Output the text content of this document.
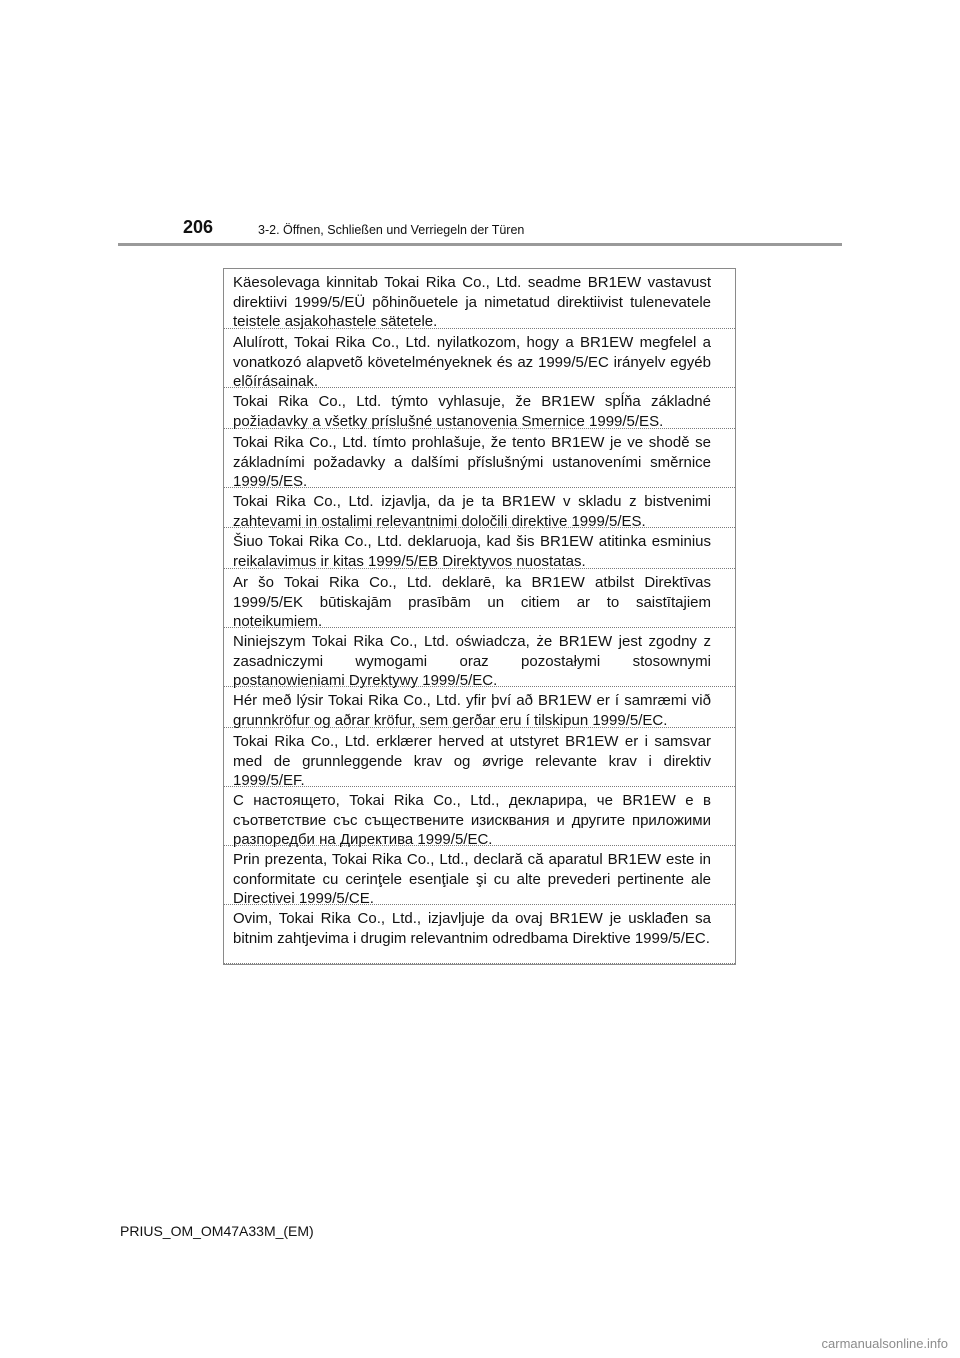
206	3-2. Öffnen, Schließen und Verriegeln der Türen
Käesolevaga kinnitab Tokai Rika Co., Ltd. seadme BR1EW vastavust direktiivi 1999/5/EÜ põhinõuetele ja nimetatud direktiivist tulenevatele teistele asjakohastele sätetele.
Alulírott, Tokai Rika Co., Ltd. nyilatkozom, hogy a BR1EW megfelel a vonatkozó alapvetõ követelményeknek és az 1999/5/EC irányelv egyéb elõírásainak.
Tokai Rika Co., Ltd. týmto vyhlasuje, že BR1EW spĺňa základné požiadavky a všetky príslušné ustanovenia Smernice 1999/5/ES.
Tokai Rika Co., Ltd. tímto prohlašuje, že tento BR1EW je ve shodě se základními požadavky a dalšími příslušnými ustanoveními směrnice 1999/5/ES.
Tokai Rika Co., Ltd. izjavlja, da je ta BR1EW v skladu z bistvenimi zahtevami in ostalimi relevantnimi določili direktive 1999/5/ES.
Šiuo Tokai Rika Co., Ltd. deklaruoja, kad šis BR1EW atitinka esminius reikalavimus ir kitas 1999/5/EB Direktyvos nuostatas.
Ar šo Tokai Rika Co., Ltd. deklarē, ka BR1EW atbilst Direktīvas 1999/5/EK būtiskajām prasībām un citiem ar to saistītajiem noteikumiem.
Niniejszym Tokai Rika Co., Ltd. oświadcza, że BR1EW jest zgodny z zasadniczymi wymogami oraz pozostałymi stosownymi postanowieniami Dyrektywy 1999/5/EC.
Hér með lýsir Tokai Rika Co., Ltd. yfir því að BR1EW er í samræmi við grunnkröfur og aðrar kröfur, sem gerðar eru í tilskipun 1999/5/EC.
Tokai Rika Co., Ltd. erklærer herved at utstyret BR1EW er i samsvar med de grunnleggende krav og øvrige relevante krav i direktiv 1999/5/EF.
С настоящето, Tokai Rika Co., Ltd., декларира, че BR1EW е в съответствие със съществените изисквания и другите приложими разпоредби на Директива 1999/5/ЕС.
Prin prezenta, Tokai Rika Co., Ltd., declară că aparatul BR1EW este in conformitate cu cerinţele esenţiale şi cu alte prevederi pertinente ale Directivei 1999/5/CE.
Ovim, Tokai Rika Co., Ltd., izjavljuje da ovaj BR1EW je usklađen sa bitnim zahtjevima i drugim relevantnim odredbama Direktive 1999/5/EC.
PRIUS_OM_OM47A33M_(EM)
carmanualsonline.info
